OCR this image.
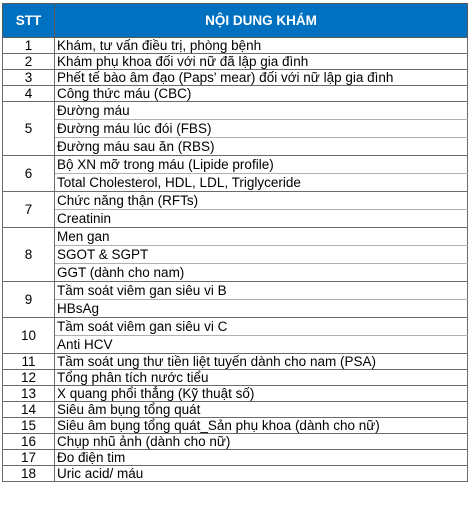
STT	NỘI DUNG KHÁM
1	Khám, tư vấn điều trị, phòng bệnh
2	Khám phụ khoa đối với nữ đã lập gia đình
3	Phết tế bào âm đạo (Paps' mear) đối với nữ lập gia đình
4	Công thức máu (CBC)
5	Đường máu
	Đường máu lúc đói (FBS)
	Đường máu sau ăn (RBS)
6	Bộ XN mỡ trong máu (Lipide profile)
	Total Cholesterol, HDL, LDL, Triglyceride
7	Chức năng thận (RFTs)
	Creatinin
8	Men gan
	SGOT & SGPT
	GGT (dành cho nam)
9	Tầm soát viêm gan siêu vi B
	HBsAg
10	Tầm soát viêm gan siêu vi C
	Anti HCV
11	Tầm soát ung thư tiền liệt tuyến dành cho nam (PSA)
12	Tổng phân tích nước tiểu
13	X quang phổi thẳng (Kỹ thuật số)
14	Siêu âm bụng tổng quát
15	Siêu âm bụng tổng quát_Sản phụ khoa (dành cho nữ)
16	Chụp nhũ ảnh (dành cho nữ)
17	Đo điện tim
18	Uric acid/ máu
